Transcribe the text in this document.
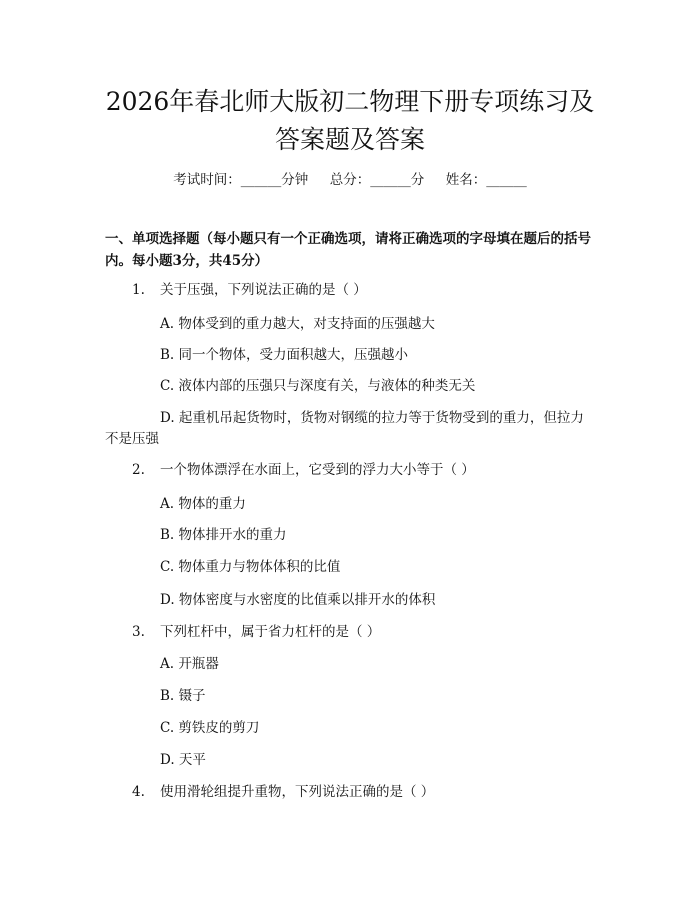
2026年春北师大版初二物理下册专项练习及
答案题及答案
考试时间：______分钟     总分：______分     姓名：______
一、单项选择题（每小题只有一个正确选项，请将正确选项的字母填在题后的括号内。每小题3分，共45分）
1. 关于压强，下列说法正确的是（ ）
A. 物体受到的重力越大，对支持面的压强越大
B. 同一个物体，受力面积越大，压强越小
C. 液体内部的压强只与深度有关，与液体的种类无关
D. 起重机吊起货物时，货物对钢缆的拉力等于货物受到的重力，但拉力
不是压强
2. 一个物体漂浮在水面上，它受到的浮力大小等于（ ）
A. 物体的重力
B. 物体排开水的重力
C. 物体重力与物体体积的比值
D. 物体密度与水密度的比值乘以排开水的体积
3. 下列杠杆中，属于省力杠杆的是（ ）
A. 开瓶器
B. 镊子
C. 剪铁皮的剪刀
D. 天平
4. 使用滑轮组提升重物，下列说法正确的是（ ）
